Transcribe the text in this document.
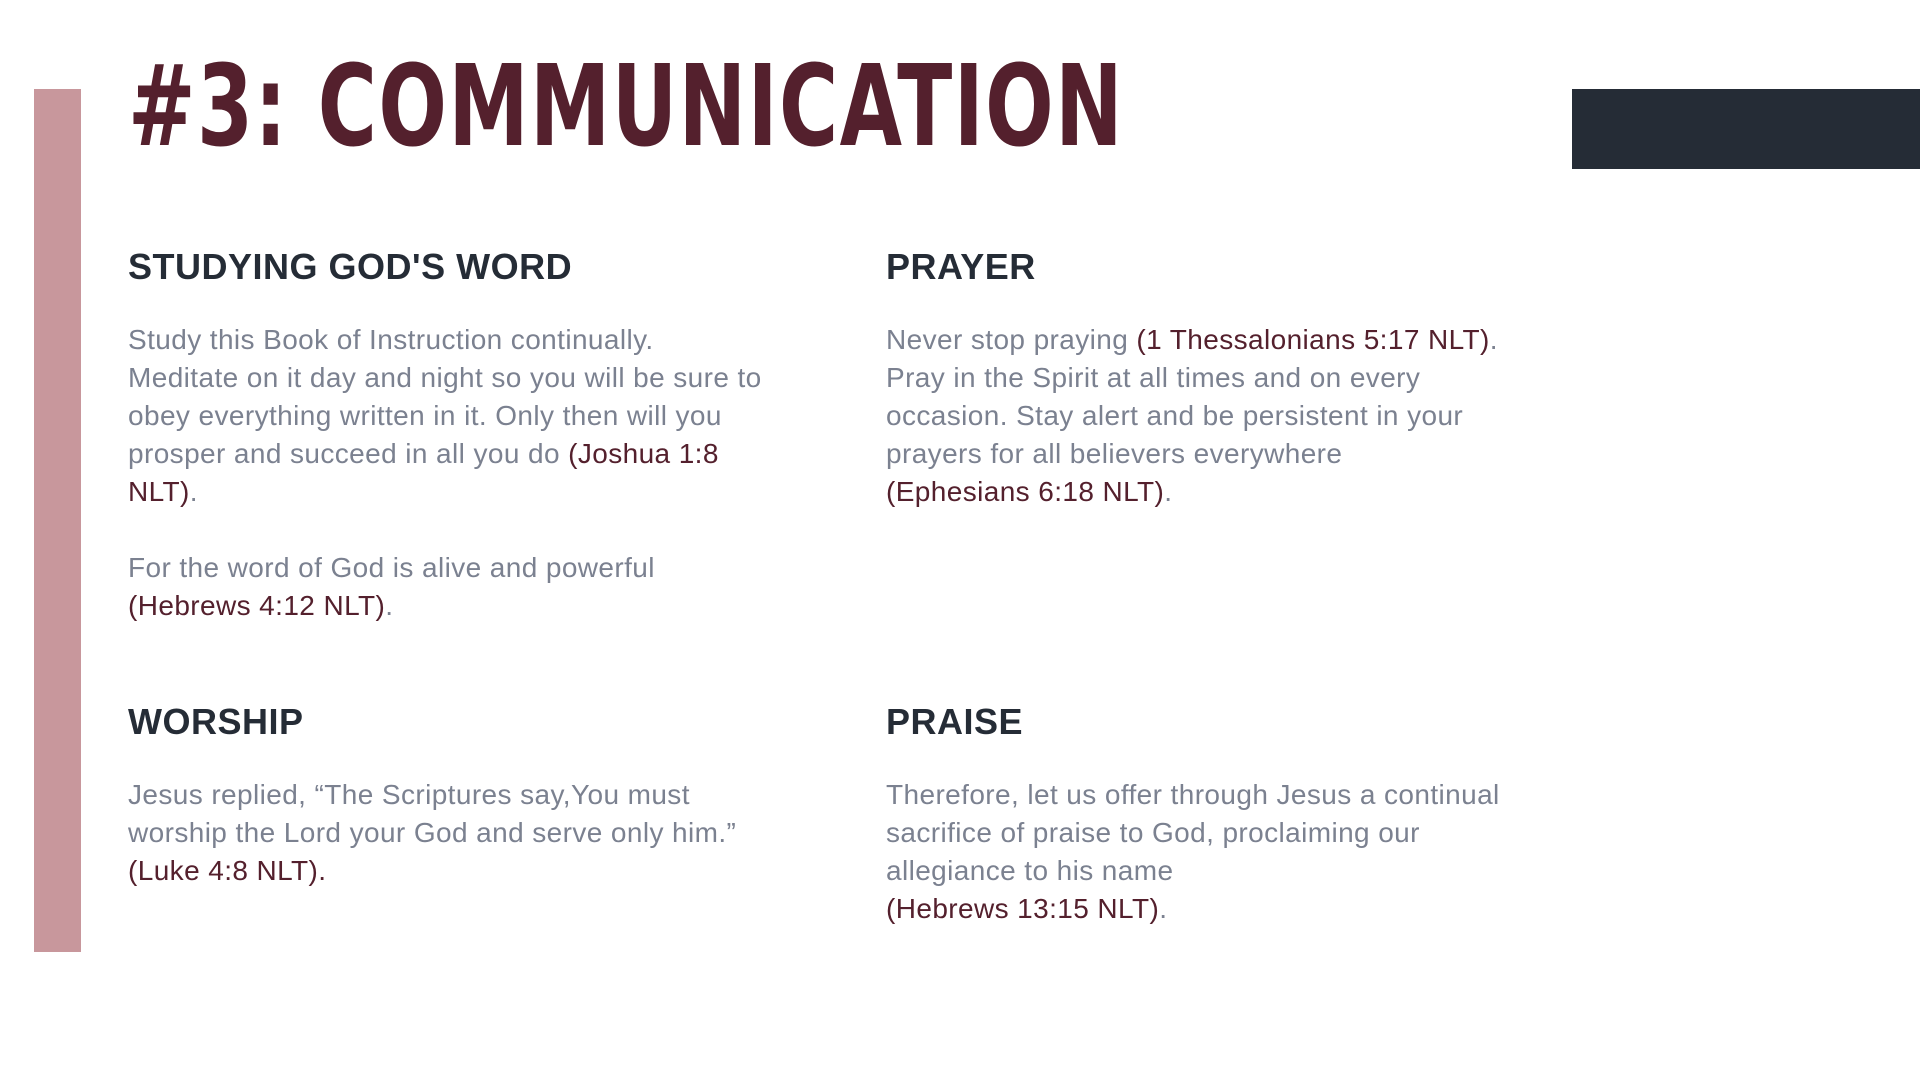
#3: COMMUNICATION
STUDYING GOD'S WORD

Study this Book of Instruction continually. Meditate on it day and night so you will be sure to obey everything written in it. Only then will you prosper and succeed in all you do (Joshua 1:8 NLT).

For the word of God is alive and powerful
(Hebrews 4:12 NLT).

PRAYER

Never stop praying (1 Thessalonians 5:17 NLT). Pray in the Spirit at all times and on every occasion. Stay alert and be persistent in your prayers for all believers everywhere
(Ephesians 6:18 NLT).

WORSHIP

Jesus replied, “The Scriptures say,You must worship the Lord your God and serve only him.”
(Luke 4:8 NLT).

PRAISE

Therefore, let us offer through Jesus a continual sacrifice of praise to God, proclaiming our allegiance to his name
(Hebrews 13:15 NLT).
